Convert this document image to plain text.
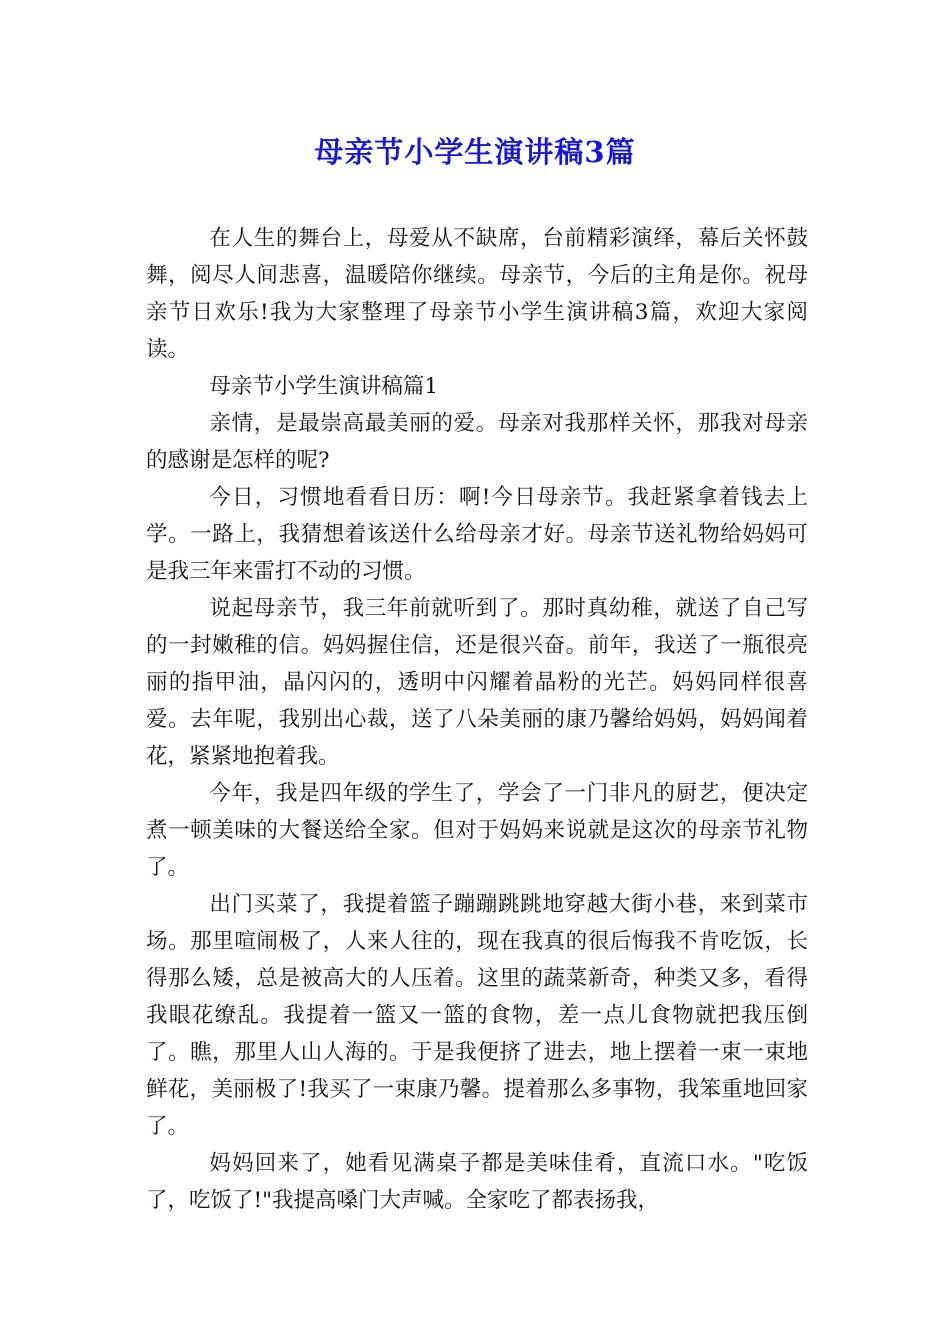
母亲节小学生演讲稿3篇

在人生的舞台上，母爱从不缺席，台前精彩演绎，幕后关怀鼓舞，阅尽人间悲喜，温暖陪你继续。母亲节，今后的主角是你。祝母亲节日欢乐!我为大家整理了母亲节小学生演讲稿3篇，欢迎大家阅读。

母亲节小学生演讲稿篇1

亲情，是最崇高最美丽的爱。母亲对我那样关怀，那我对母亲的感谢是怎样的呢?

今日，习惯地看看日历：啊!今日母亲节。我赶紧拿着钱去上学。一路上，我猜想着该送什么给母亲才好。母亲节送礼物给妈妈可是我三年来雷打不动的习惯。

说起母亲节，我三年前就听到了。那时真幼稚，就送了自己写的一封嫩稚的信。妈妈握住信，还是很兴奋。前年，我送了一瓶很亮丽的指甲油，晶闪闪的，透明中闪耀着晶粉的光芒。妈妈同样很喜爱。去年呢，我别出心裁，送了八朵美丽的康乃馨给妈妈，妈妈闻着花，紧紧地抱着我。

今年，我是四年级的学生了，学会了一门非凡的厨艺，便决定煮一顿美味的大餐送给全家。但对于妈妈来说就是这次的母亲节礼物了。

出门买菜了，我提着篮子蹦蹦跳跳地穿越大街小巷，来到菜市场。那里喧闹极了，人来人往的，现在我真的很后悔我不肯吃饭，长得那么矮，总是被高大的人压着。这里的蔬菜新奇，种类又多，看得我眼花缭乱。我提着一篮又一篮的食物，差一点儿食物就把我压倒了。瞧，那里人山人海的。于是我便挤了进去，地上摆着一束一束地鲜花，美丽极了!我买了一束康乃馨。提着那么多事物，我笨重地回家了。

妈妈回来了，她看见满桌子都是美味佳肴，直流口水。"吃饭了，吃饭了!"我提高嗓门大声喊。全家吃了都表扬我，
